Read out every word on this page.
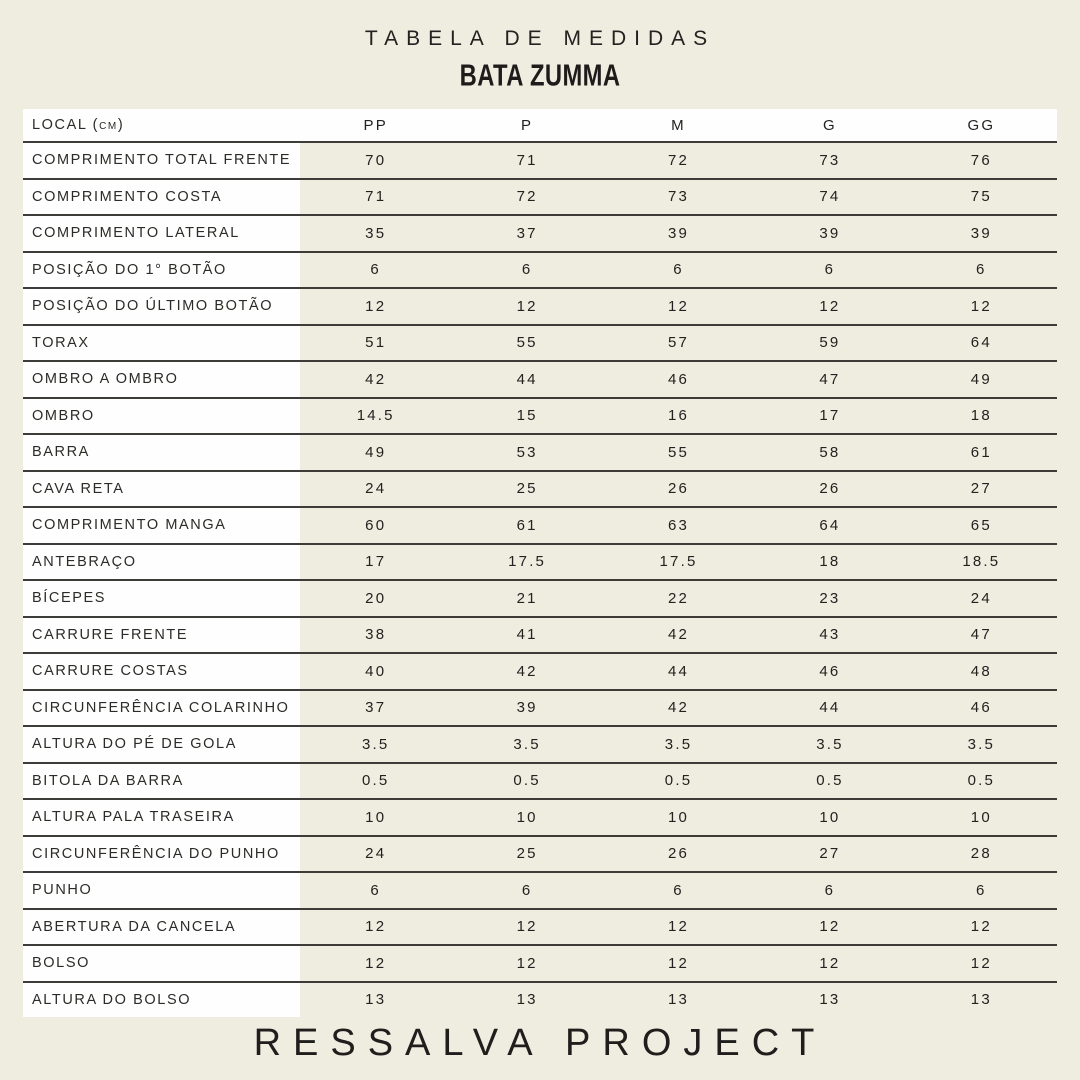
TABELA DE MEDIDAS
BATA ZUMMA
LOCAL (cm)	PP	P	M	G	GG
COMPRIMENTO TOTAL FRENTE	70	71	72	73	76
COMPRIMENTO COSTA	71	72	73	74	75
COMPRIMENTO LATERAL	35	37	39	39	39
POSIÇÃO DO 1° BOTÃO	6	6	6	6	6
POSIÇÃO DO ÚLTIMO BOTÃO	12	12	12	12	12
TORAX	51	55	57	59	64
OMBRO A OMBRO	42	44	46	47	49
OMBRO	14.5	15	16	17	18
BARRA	49	53	55	58	61
CAVA RETA	24	25	26	26	27
COMPRIMENTO MANGA	60	61	63	64	65
ANTEBRAÇO	17	17.5	17.5	18	18.5
BÍCEPES	20	21	22	23	24
CARRURE FRENTE	38	41	42	43	47
CARRURE COSTAS	40	42	44	46	48
CIRCUNFERÊNCIA COLARINHO	37	39	42	44	46
ALTURA DO PÉ DE GOLA	3.5	3.5	3.5	3.5	3.5
BITOLA DA BARRA	0.5	0.5	0.5	0.5	0.5
ALTURA PALA TRASEIRA	10	10	10	10	10
CIRCUNFERÊNCIA DO PUNHO	24	25	26	27	28
PUNHO	6	6	6	6	6
ABERTURA DA CANCELA	12	12	12	12	12
BOLSO	12	12	12	12	12
ALTURA DO BOLSO	13	13	13	13	13
RESSALVA PROJECT
